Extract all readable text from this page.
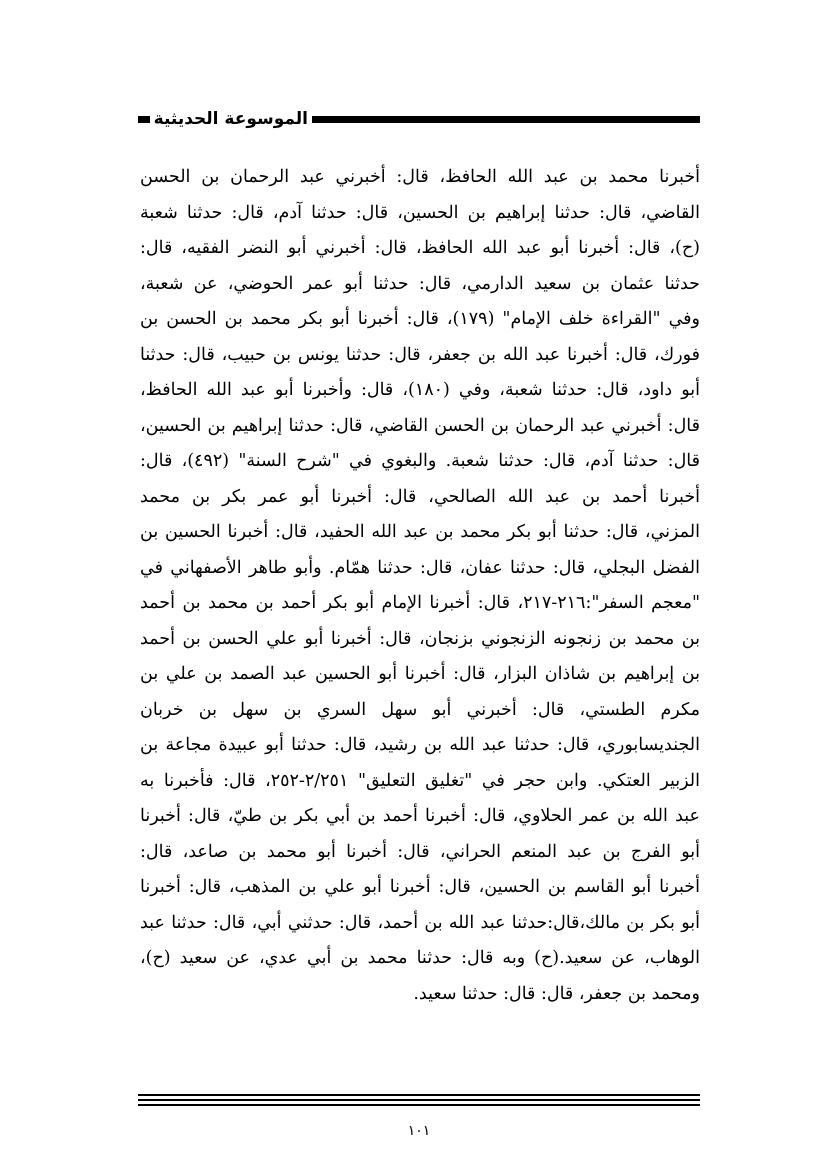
الموسوعة الحديثية
أخبرنا محمد بن عبد الله الحافظ، قال: أخبرني عبد الرحمان بن الحسن
القاضي، قال: حدثنا إبراهيم بن الحسين، قال: حدثنا آدم، قال: حدثنا شعبة
(ح)، قال: أخبرنا أبو عبد الله الحافظ، قال: أخبرني أبو النضر الفقيه، قال:
حدثنا عثمان بن سعيد الدارمي، قال: حدثنا أبو عمر الحوضي، عن شعبة،
وفي "القراءة خلف الإمام" (١٧٩)، قال: أخبرنا أبو بكر محمد بن الحسن بن
فورك، قال: أخبرنا عبد الله بن جعفر، قال: حدثنا يونس بن حبيب، قال: حدثنا
أبو داود، قال: حدثنا شعبة، وفي (١٨٠)، قال: وأخبرنا أبو عبد الله الحافظ،
قال: أخبرني عبد الرحمان بن الحسن القاضي، قال: حدثنا إبراهيم بن الحسين،
قال: حدثنا آدم، قال: حدثنا شعبة. والبغوي في "شرح السنة" (٤٩٢)، قال:
أخبرنا أحمد بن عبد الله الصالحي، قال: أخبرنا أبو عمر بكر بن محمد
المزني، قال: حدثنا أبو بكر محمد بن عبد الله الحفيد، قال: أخبرنا الحسين بن
الفضل البجلي، قال: حدثنا عفان، قال: حدثنا همّام. وأبو طاهر الأصفهاني في
"معجم السفر":٢١٦-٢١٧، قال: أخبرنا الإمام أبو بكر أحمد بن محمد بن أحمد
بن محمد بن زنجونه الزنجوني بزنجان، قال: أخبرنا أبو علي الحسن بن أحمد
بن إبراهيم بن شاذان البزار، قال: أخبرنا أبو الحسين عبد الصمد بن علي بن
مكرم الطستي، قال: أخبرني أبو سهل السري بن سهل بن خربان
الجنديسابوري، قال: حدثنا عبد الله بن رشيد، قال: حدثنا أبو عبيدة مجاعة بن
الزبير العتكي. وابن حجر في "تغليق التعليق" ٢/٢٥١-٢٥٢، قال: فأخبرنا به
عبد الله بن عمر الحلاوي، قال: أخبرنا أحمد بن أبي بكر بن طيّ، قال: أخبرنا
أبو الفرج بن عبد المنعم الحراني، قال: أخبرنا أبو محمد بن صاعد، قال:
أخبرنا أبو القاسم بن الحسين، قال: أخبرنا أبو علي بن المذهب، قال: أخبرنا
أبو بكر بن مالك،قال:حدثنا عبد الله بن أحمد، قال: حدثني أبي، قال: حدثنا عبد
الوهاب، عن سعيد.(ح) وبه قال: حدثنا محمد بن أبي عدي، عن سعيد (ح)،
ومحمد بن جعفر، قال: قال: حدثنا سعيد.
١٠١
